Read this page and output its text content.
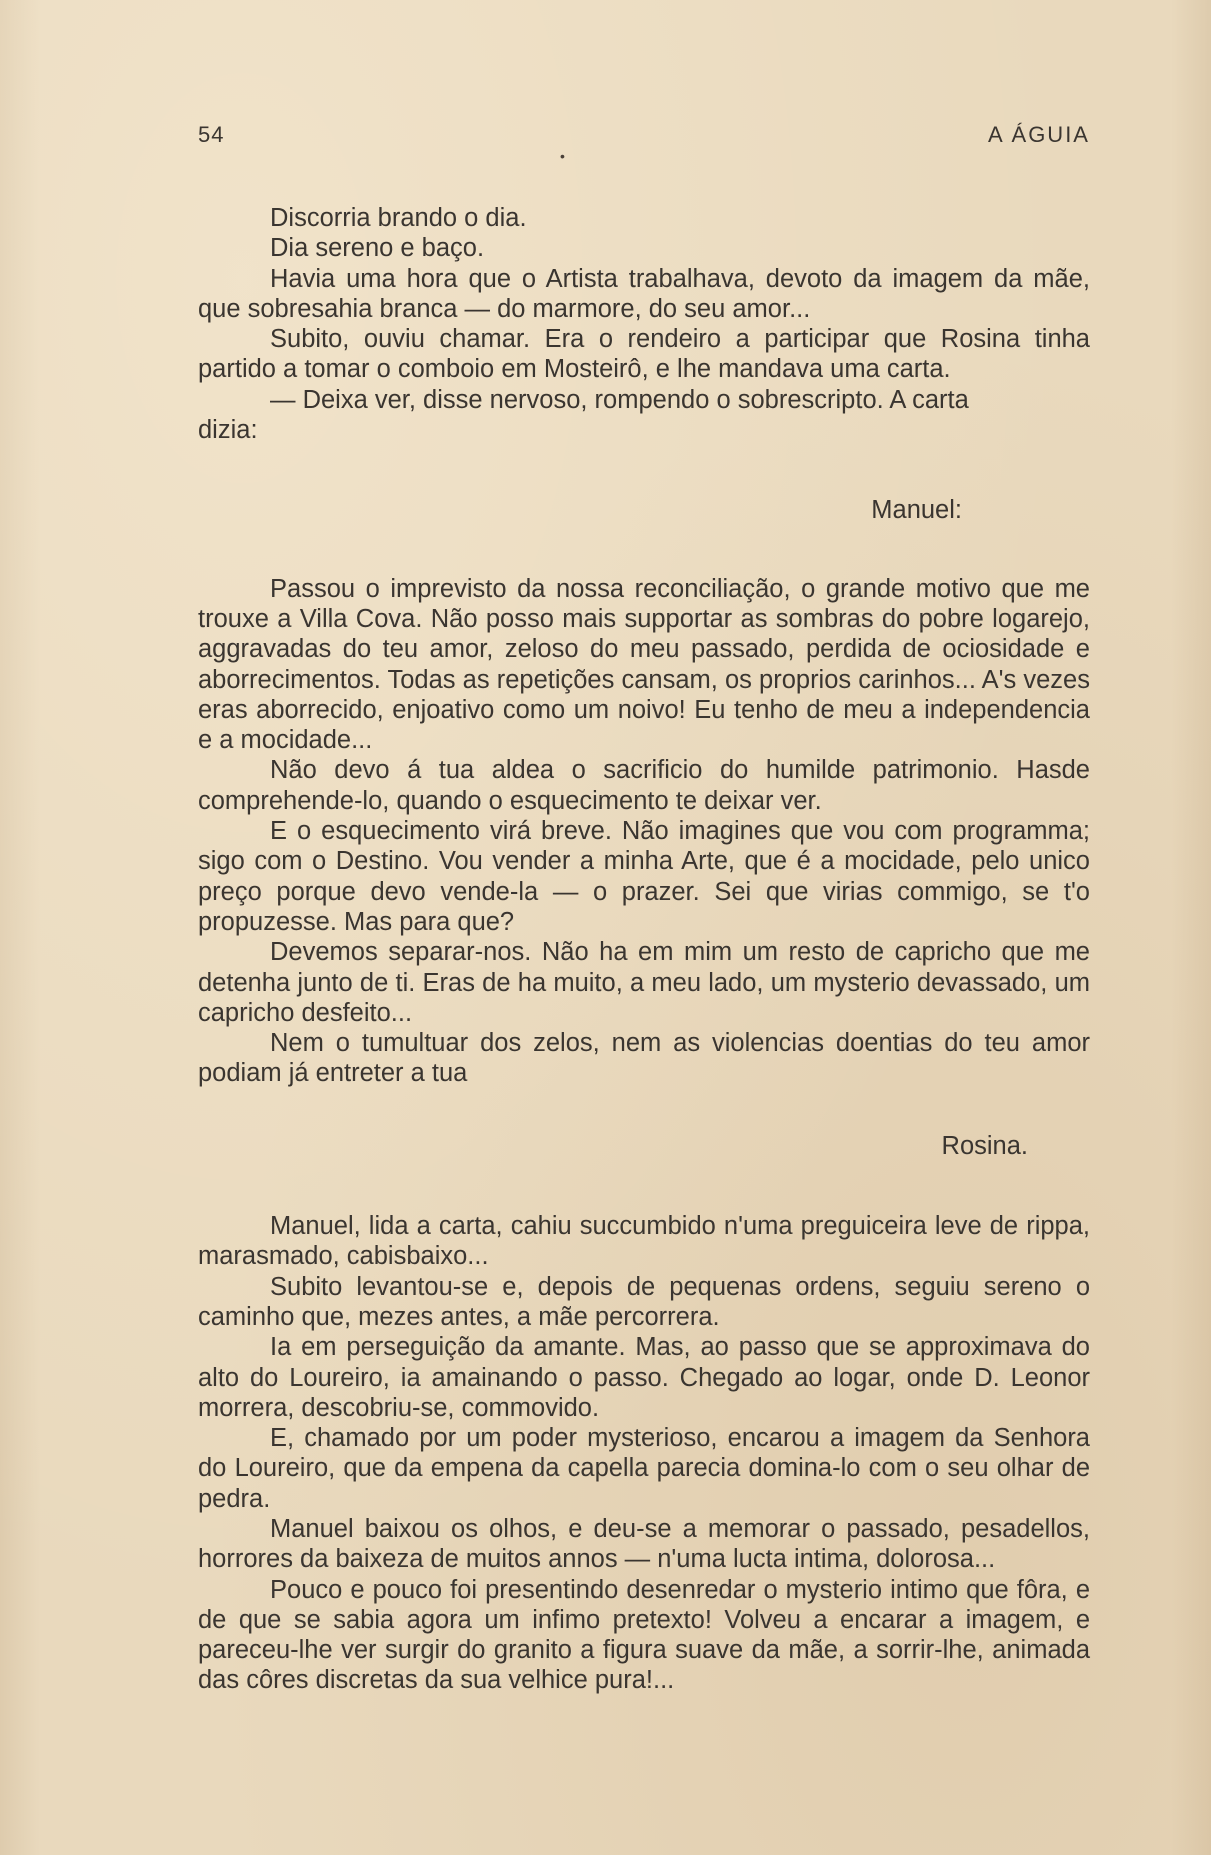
54	A ÁGUIA
•

Discorria brando o dia.

Dia sereno e baço.

Havia uma hora que o Artista trabalhava, devoto da imagem da mãe, que sobresahia branca — do marmore, do seu amor...

Subito, ouviu chamar. Era o rendeiro a participar que Rosina tinha partido a tomar o comboio em Mosteirô, e lhe mandava uma carta.

— Deixa ver, disse nervoso, rompendo o sobrescripto. A carta

dizia:

Manuel:

Passou o imprevisto da nossa reconciliação, o grande motivo que me trouxe a Villa Cova. Não posso mais supportar as sombras do pobre logarejo, aggravadas do teu amor, zeloso do meu passado, perdida de ociosidade e aborrecimentos. Todas as repetições cansam, os proprios carinhos... A's vezes eras aborrecido, enjoativo como um noivo! Eu tenho de meu a independencia e a mocidade...

Não devo á tua aldea o sacrificio do humilde patrimonio. Hasde comprehende-lo, quando o esquecimento te deixar ver.

E o esquecimento virá breve. Não imagines que vou com programma; sigo com o Destino. Vou vender a minha Arte, que é a mocidade, pelo unico preço porque devo vende-la — o prazer. Sei que virias commigo, se t'o propuzesse. Mas para que?

Devemos separar-nos. Não ha em mim um resto de capricho que me detenha junto de ti. Eras de ha muito, a meu lado, um mysterio devassado, um capricho desfeito...

Nem o tumultuar dos zelos, nem as violencias doentias do teu amor podiam já entreter a tua

Rosina.

Manuel, lida a carta, cahiu succumbido n'uma preguiceira leve de rippa, marasmado, cabisbaixo...

Subito levantou-se e, depois de pequenas ordens, seguiu sereno o caminho que, mezes antes, a mãe percorrera.

Ia em perseguição da amante. Mas, ao passo que se approximava do alto do Loureiro, ia amainando o passo. Chegado ao logar, onde D. Leonor morrera, descobriu-se, commovido.

E, chamado por um poder mysterioso, encarou a imagem da Senhora do Loureiro, que da empena da capella parecia domina-lo com o seu olhar de pedra.

Manuel baixou os olhos, e deu-se a memorar o passado, pesadellos, horrores da baixeza de muitos annos — n'uma lucta intima, dolorosa...

Pouco e pouco foi presentindo desenredar o mysterio intimo que fôra, e de que se sabia agora um infimo pretexto! Volveu a encarar a imagem, e pareceu-lhe ver surgir do granito a figura suave da mãe, a sorrir-lhe, animada das côres discretas da sua velhice pura!...
